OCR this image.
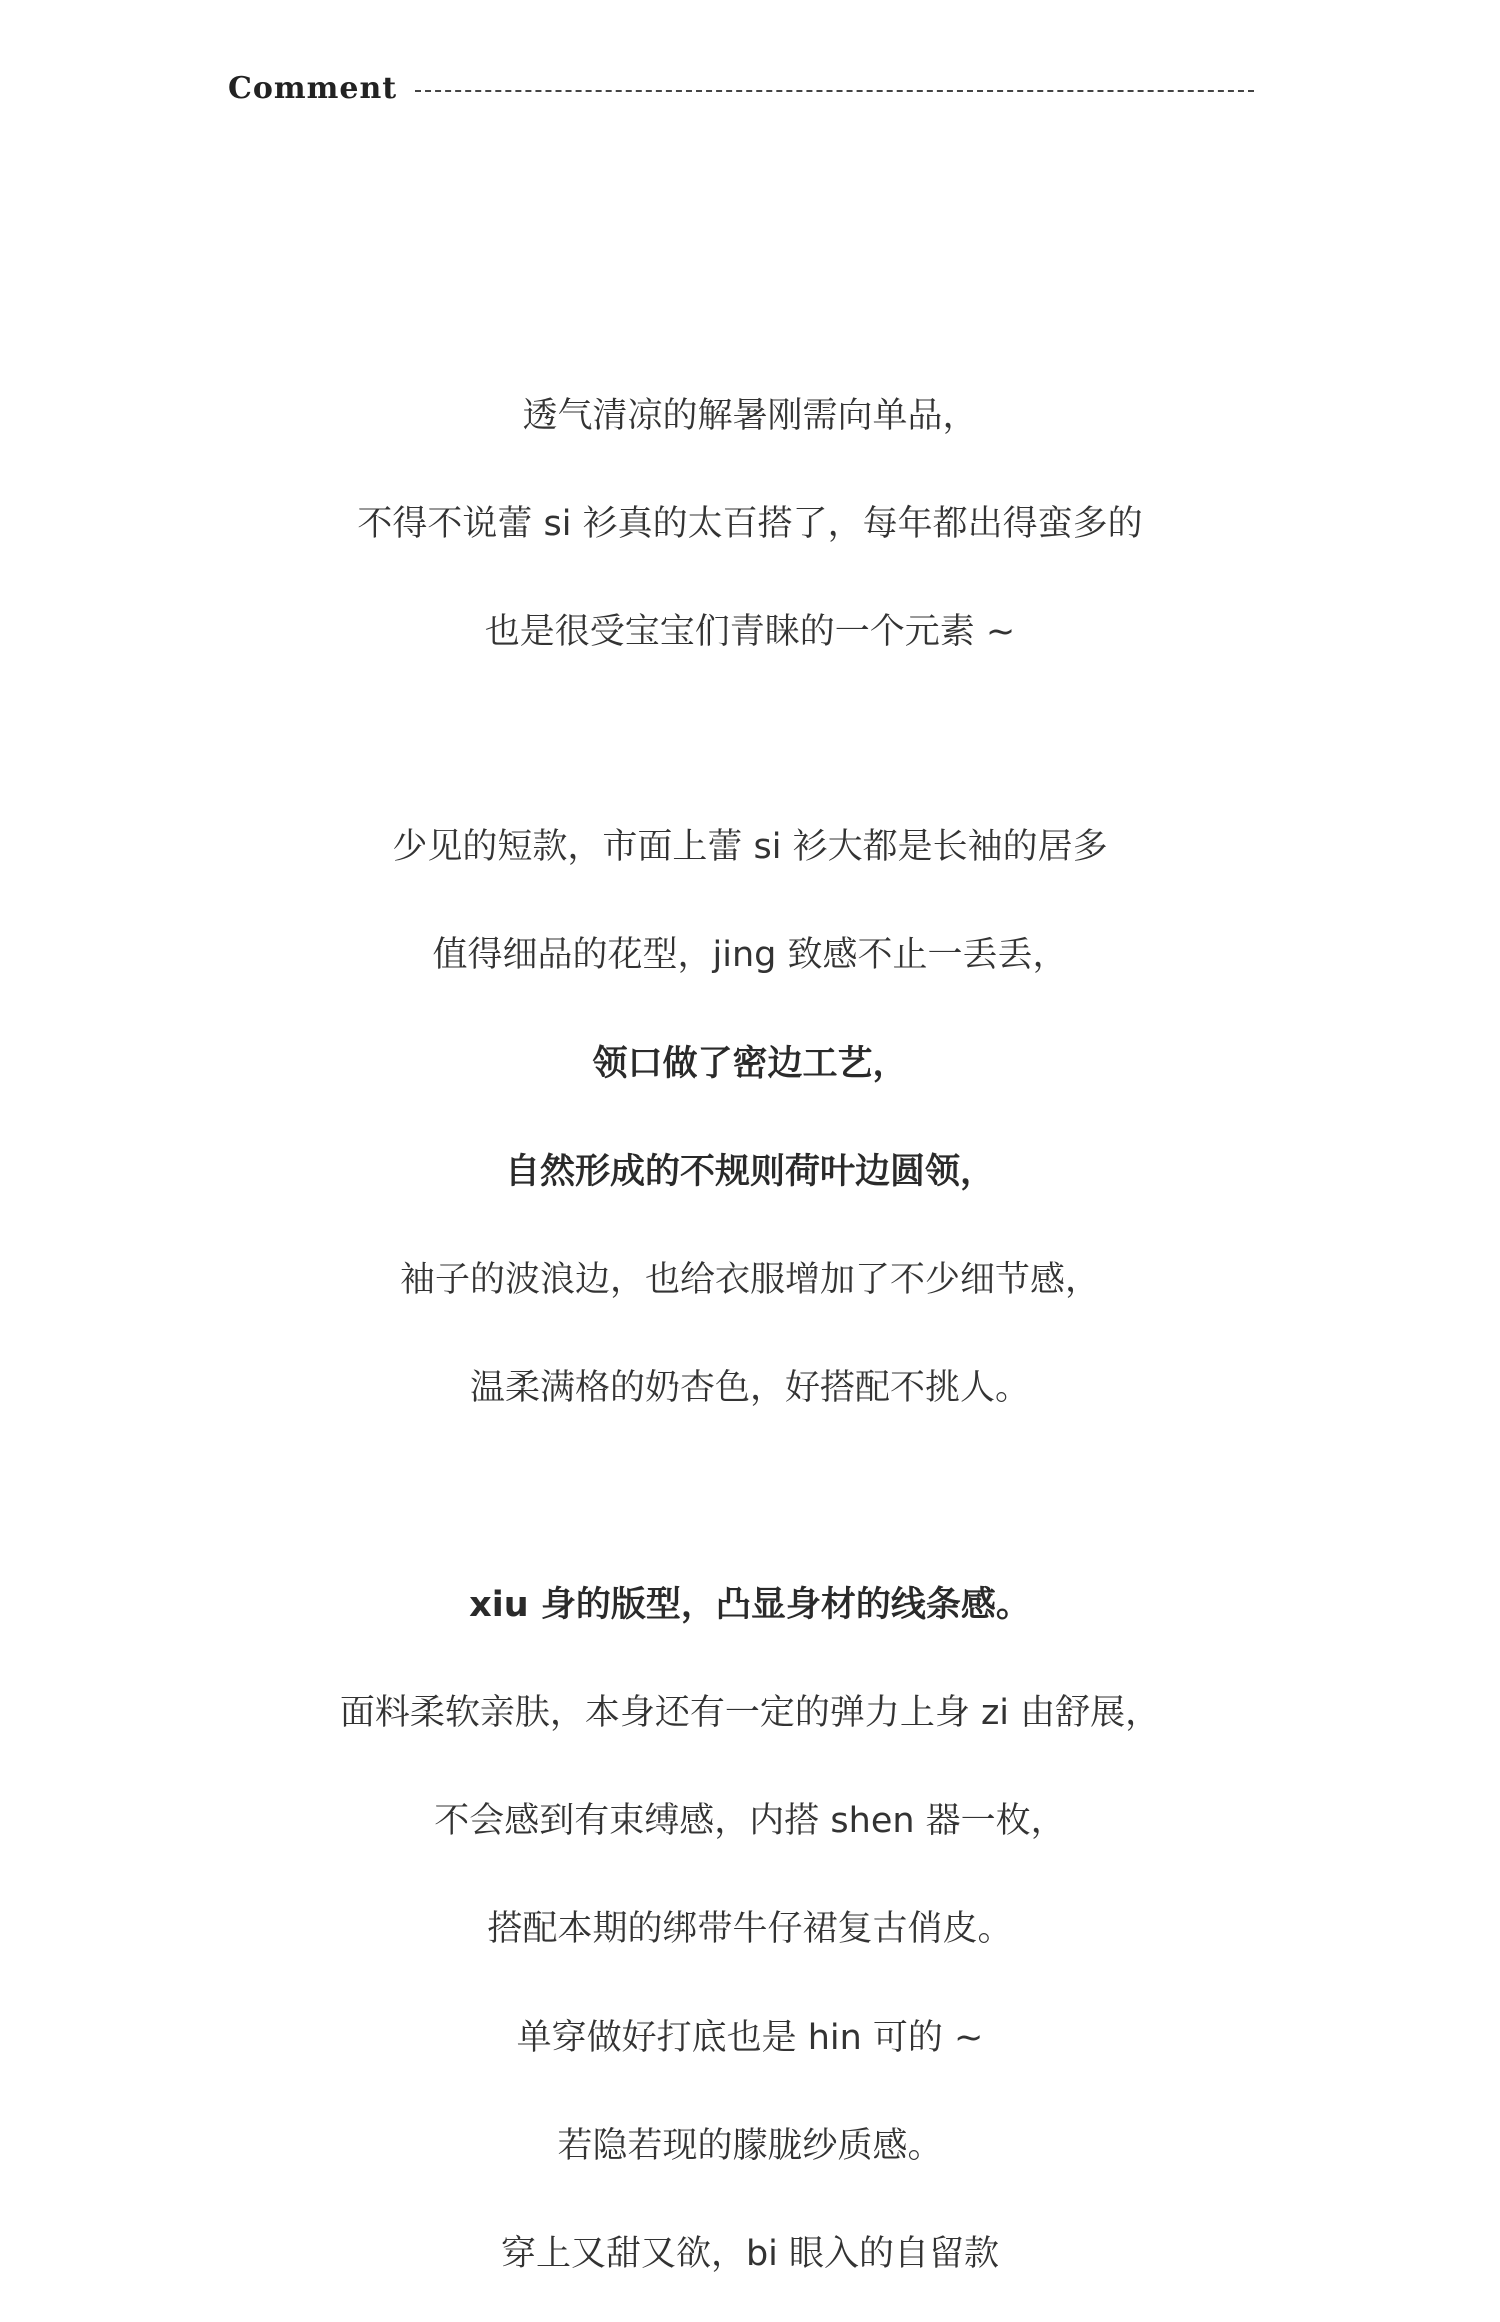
Comment
透气清凉的解暑刚需向单品，
不得不说蕾 si 衫真的太百搭了，每年都出得蛮多的
也是很受宝宝们青睐的一个元素 ~
少见的短款，市面上蕾 si 衫大都是长袖的居多
值得细品的花型，jing 致感不止一丢丢，
领口做了密边工艺，
自然形成的不规则荷叶边圆领，
袖子的波浪边，也给衣服增加了不少细节感，
温柔满格的奶杏色，好搭配不挑人。
xiu 身的版型，凸显身材的线条感。
面料柔软亲肤，本身还有一定的弹力上身 zi 由舒展，
不会感到有束缚感，内搭 shen 器一枚，
搭配本期的绑带牛仔裙复古俏皮。
单穿做好打底也是 hin 可的 ~
若隐若现的朦胧纱质感。
穿上又甜又欲，bi 眼入的自留款
